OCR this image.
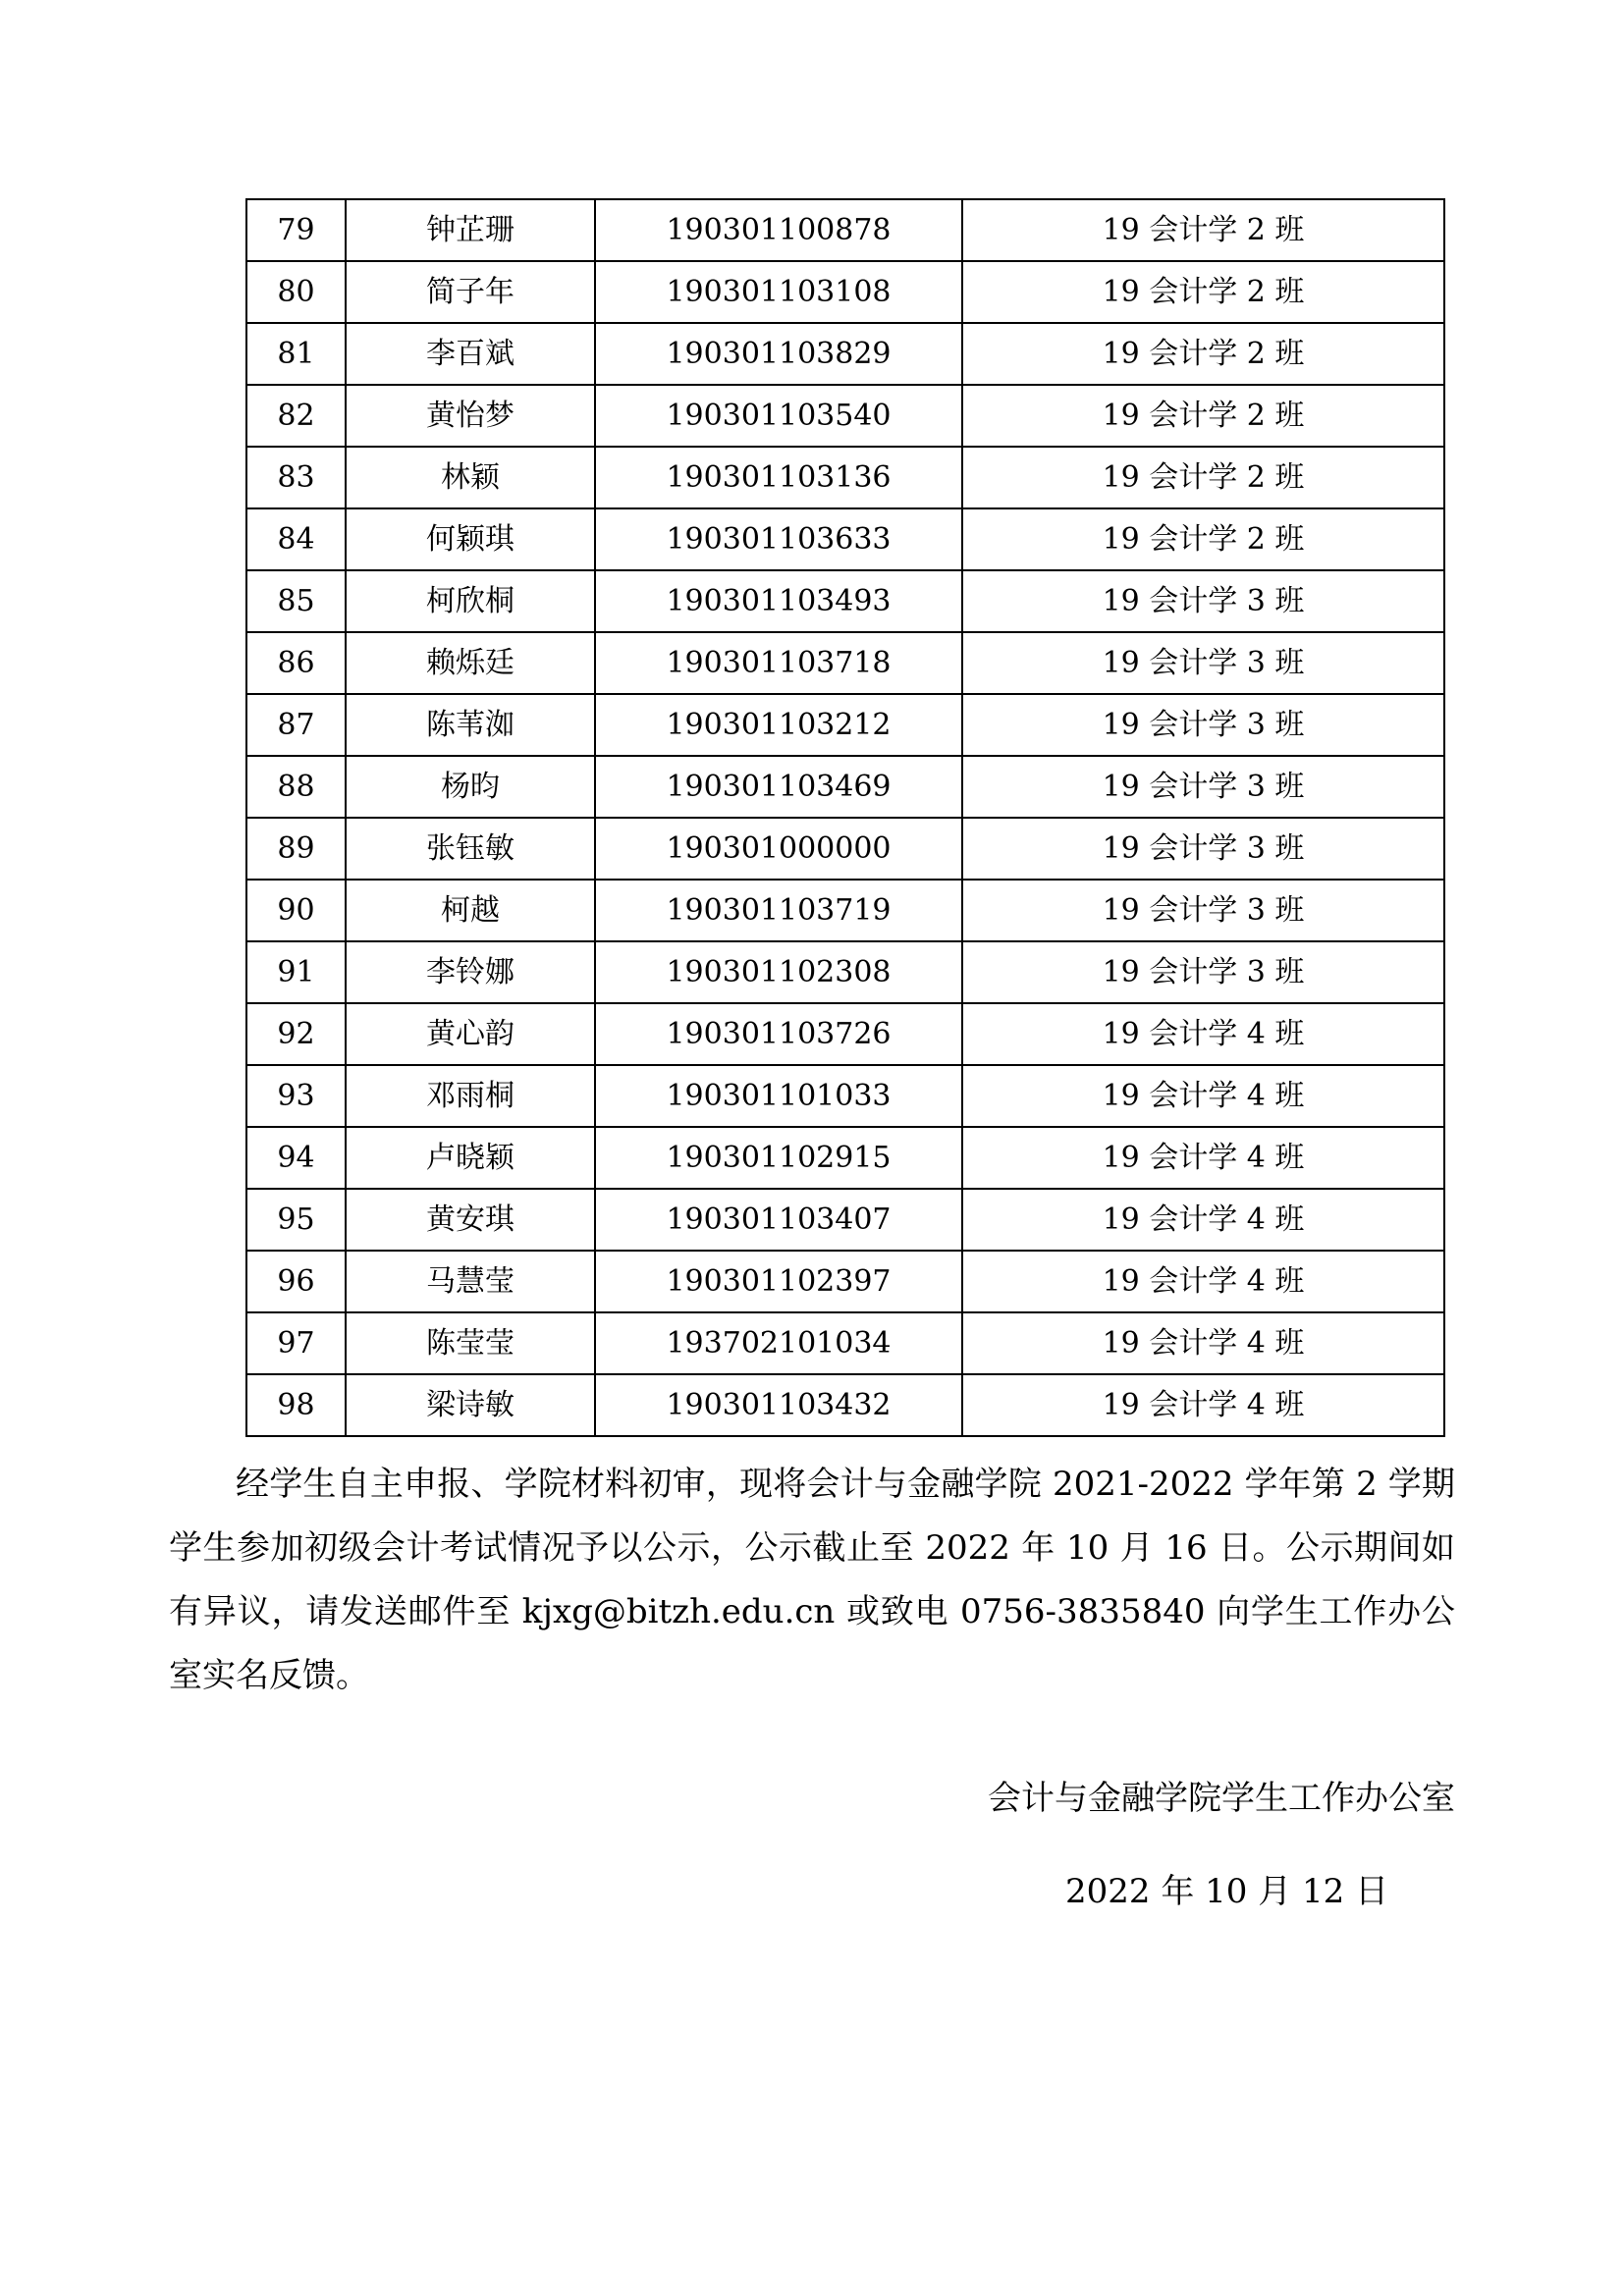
79	钟芷珊	190301100878	19 会计学 2 班
80	简子年	190301103108	19 会计学 2 班
81	李百斌	190301103829	19 会计学 2 班
82	黄怡梦	190301103540	19 会计学 2 班
83	林颖	190301103136	19 会计学 2 班
84	何颖琪	190301103633	19 会计学 2 班
85	柯欣桐	190301103493	19 会计学 3 班
86	赖烁廷	190301103718	19 会计学 3 班
87	陈苇洳	190301103212	19 会计学 3 班
88	杨昀	190301103469	19 会计学 3 班
89	张钰敏	190301000000	19 会计学 3 班
90	柯越	190301103719	19 会计学 3 班
91	李铃娜	190301102308	19 会计学 3 班
92	黄心韵	190301103726	19 会计学 4 班
93	邓雨桐	190301101033	19 会计学 4 班
94	卢晓颖	190301102915	19 会计学 4 班
95	黄安琪	190301103407	19 会计学 4 班
96	马慧莹	190301102397	19 会计学 4 班
97	陈莹莹	193702101034	19 会计学 4 班
98	梁诗敏	190301103432	19 会计学 4 班

经学生自主申报、学院材料初审，现将会计与金融学院 2021-2022 学年第 2 学期学生参加初级会计考试情况予以公示，公示截止至 2022 年 10 月 16 日。公示期间如有异议，请发送邮件至 kjxg@bitzh.edu.cn 或致电 0756-3835840 向学生工作办公室实名反馈。

会计与金融学院学生工作办公室

2022 年 10 月 12 日
